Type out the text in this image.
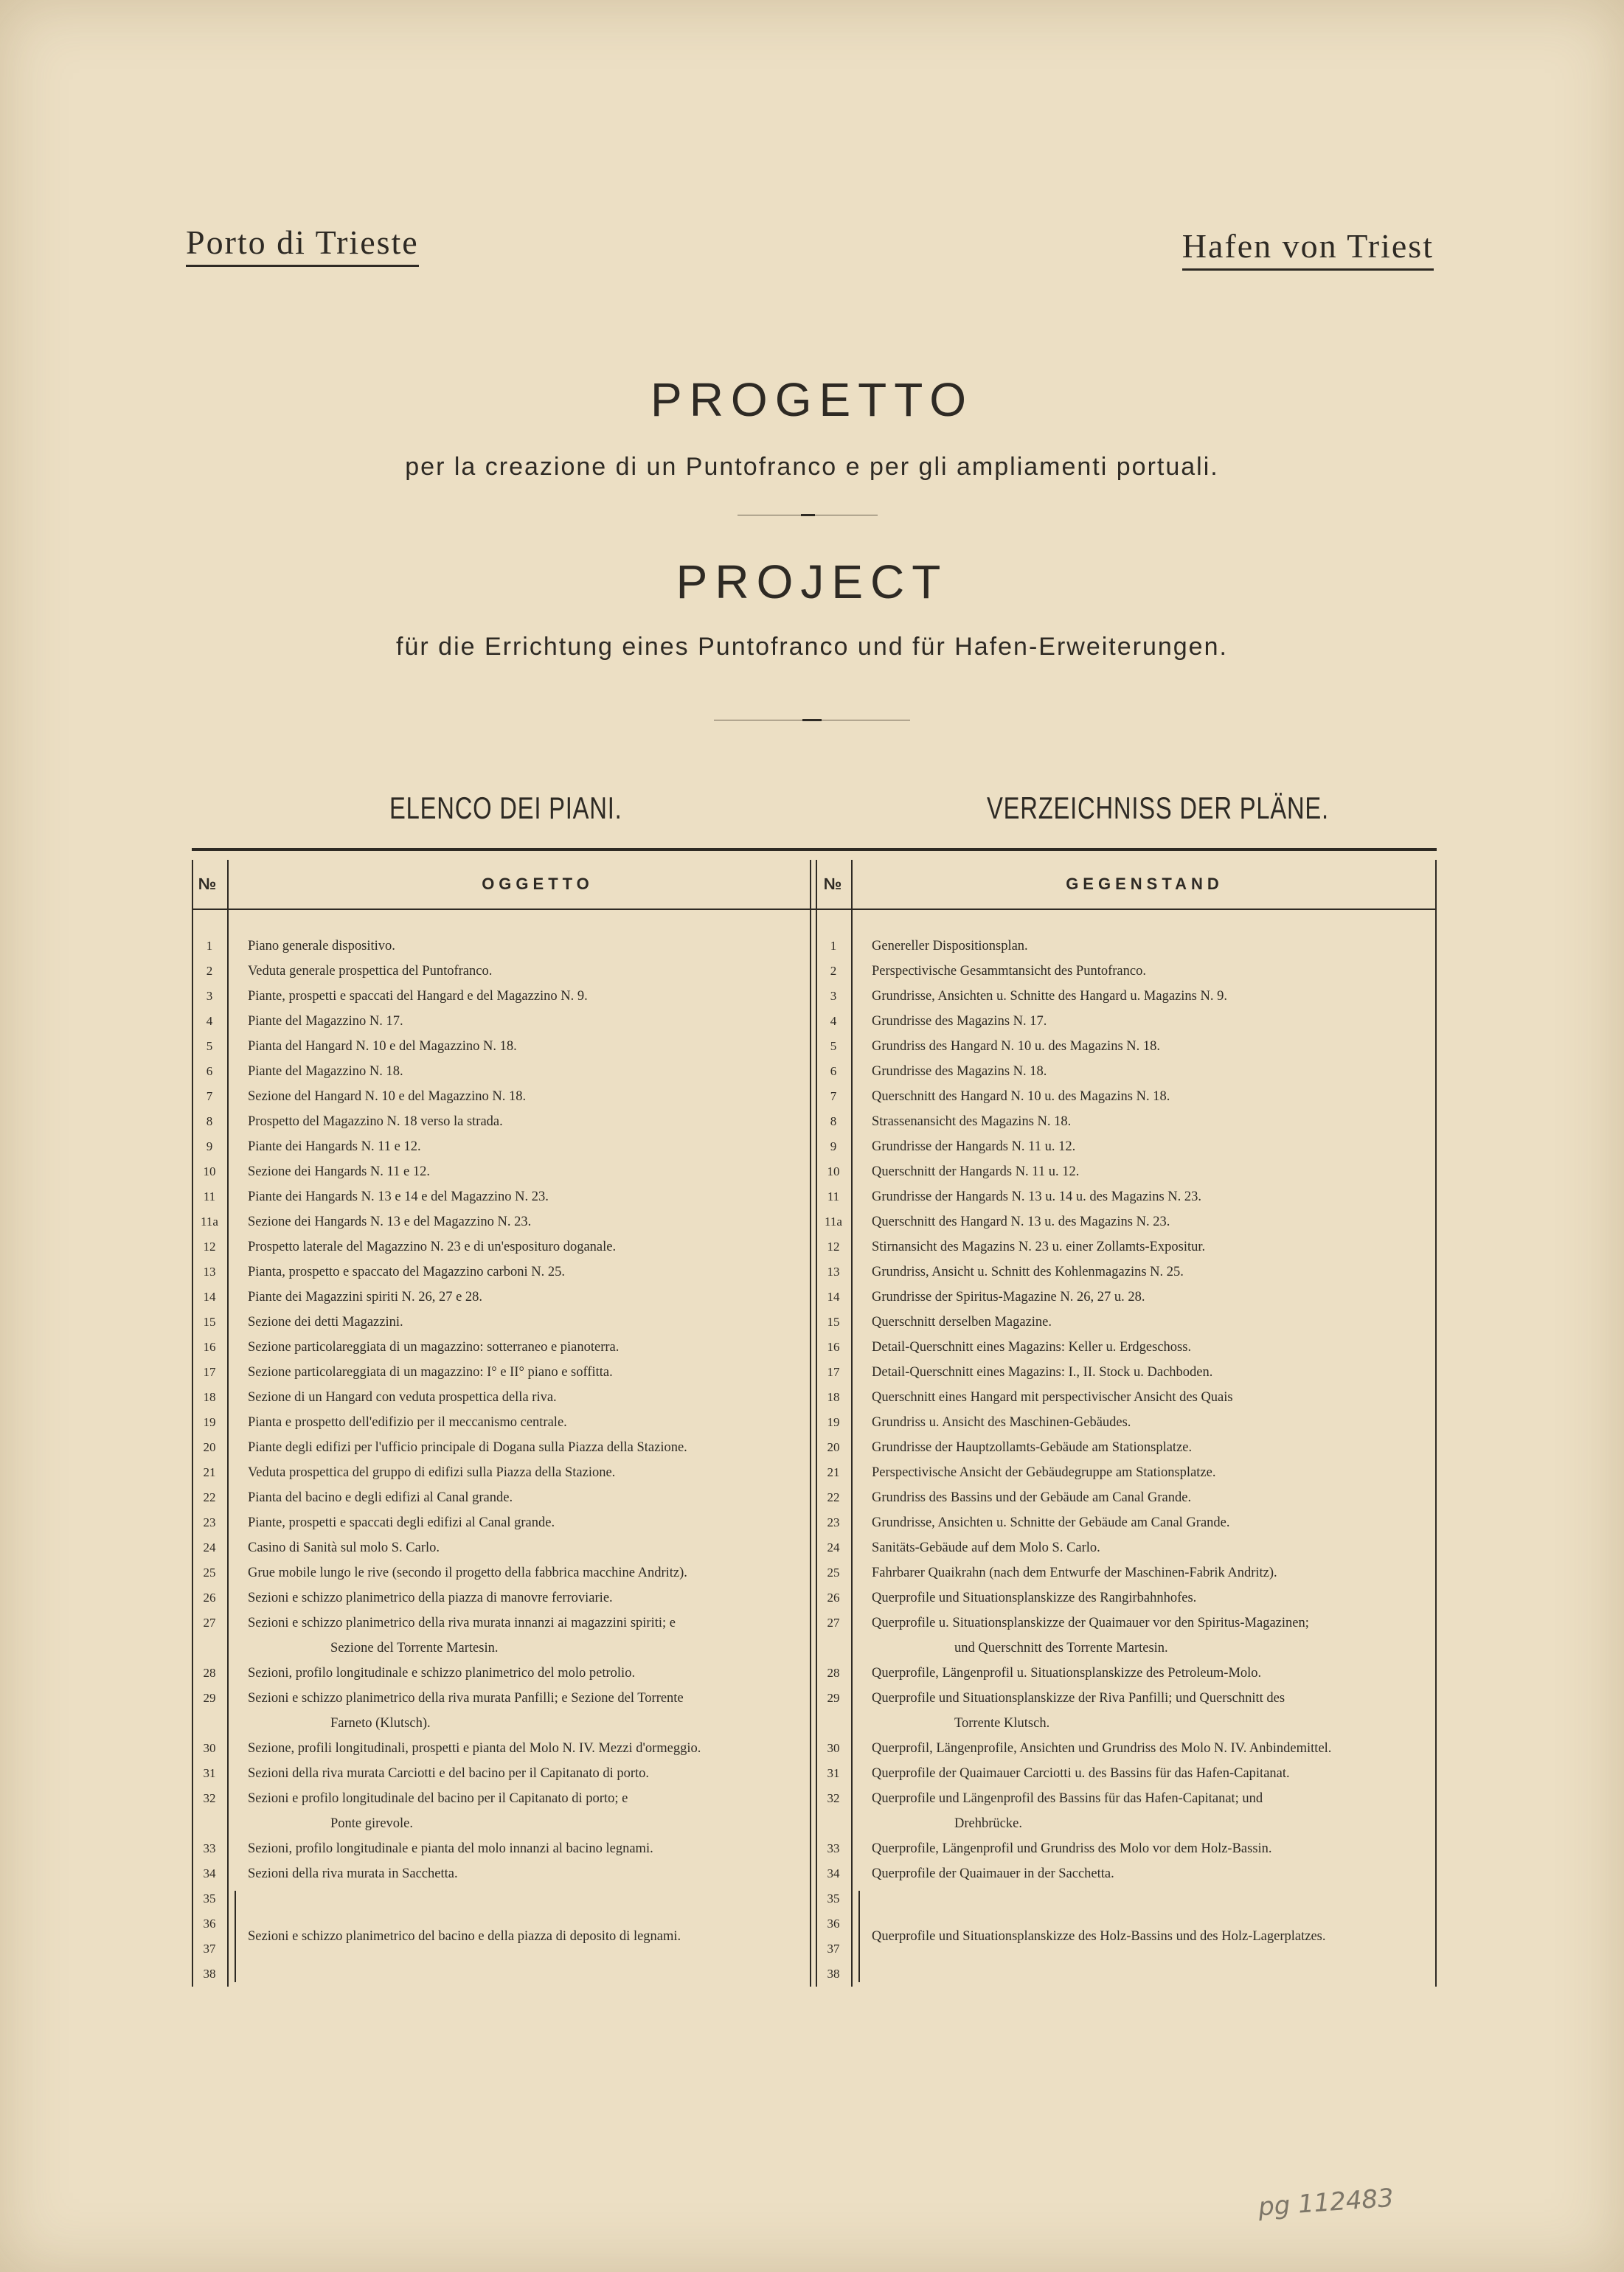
Porto di Trieste	Hafen von Triest
PROGETTO
per la creazione di un Puntofranco e per gli ampliamenti portuali.
PROJECT
für die Errichtung eines Puntofranco und für Hafen-Erweiterungen.
ELENCO DEI PIANI.	VERZEICHNISS DER PLÄNE.
№	OGGETTO	№	GEGENSTAND
1	Piano generale dispositivo.	1	Genereller Dispositionsplan.
2	Veduta generale prospettica del Puntofranco.	2	Perspectivische Gesammtansicht des Puntofranco.
3	Piante, prospetti e spaccati del Hangard e del Magazzino N. 9.	3	Grundrisse, Ansichten u. Schnitte des Hangard u. Magazins N. 9.
4	Piante del Magazzino N. 17.	4	Grundrisse des Magazins N. 17.
5	Pianta del Hangard N. 10 e del Magazzino N. 18.	5	Grundriss des Hangard N. 10 u. des Magazins N. 18.
6	Piante del Magazzino N. 18.	6	Grundrisse des Magazins N. 18.
7	Sezione del Hangard N. 10 e del Magazzino N. 18.	7	Querschnitt des Hangard N. 10 u. des Magazins N. 18.
8	Prospetto del Magazzino N. 18 verso la strada.	8	Strassenansicht des Magazins N. 18.
9	Piante dei Hangards N. 11 e 12.	9	Grundrisse der Hangards N. 11 u. 12.
10	Sezione dei Hangards N. 11 e 12.	10	Querschnitt der Hangards N. 11 u. 12.
11	Piante dei Hangards N. 13 e 14 e del Magazzino N. 23.	11	Grundrisse der Hangards N. 13 u. 14 u. des Magazins N. 23.
11a	Sezione dei Hangards N. 13 e del Magazzino N. 23.	11a	Querschnitt des Hangard N. 13 u. des Magazins N. 23.
12	Prospetto laterale del Magazzino N. 23 e di un'esposituro doganale.	12	Stirnansicht des Magazins N. 23 u. einer Zollamts-Expositur.
13	Pianta, prospetto e spaccato del Magazzino carboni N. 25.	13	Grundriss, Ansicht u. Schnitt des Kohlenmagazins N. 25.
14	Piante dei Magazzini spiriti N. 26, 27 e 28.	14	Grundrisse der Spiritus-Magazine N. 26, 27 u. 28.
15	Sezione dei detti Magazzini.	15	Querschnitt derselben Magazine.
16	Sezione particolareggiata di un magazzino: sotterraneo e pianoterra.	16	Detail-Querschnitt eines Magazins: Keller u. Erdgeschoss.
17	Sezione particolareggiata di un magazzino: I° e II° piano e soffitta.	17	Detail-Querschnitt eines Magazins: I., II. Stock u. Dachboden.
18	Sezione di un Hangard con veduta prospettica della riva.	18	Querschnitt eines Hangard mit perspectivischer Ansicht des Quais
19	Pianta e prospetto dell'edifizio per il meccanismo centrale.	19	Grundriss u. Ansicht des Maschinen-Gebäudes.
20	Piante degli edifizi per l'ufficio principale di Dogana sulla Piazza della Stazione.	20	Grundrisse der Hauptzollamts-Gebäude am Stationsplatze.
21	Veduta prospettica del gruppo di edifizi sulla Piazza della Stazione.	21	Perspectivische Ansicht der Gebäudegruppe am Stationsplatze.
22	Pianta del bacino e degli edifizi al Canal grande.	22	Grundriss des Bassins und der Gebäude am Canal Grande.
23	Piante, prospetti e spaccati degli edifizi al Canal grande.	23	Grundrisse, Ansichten u. Schnitte der Gebäude am Canal Grande.
24	Casino di Sanità sul molo S. Carlo.	24	Sanitäts-Gebäude auf dem Molo S. Carlo.
25	Grue mobile lungo le rive (secondo il progetto della fabbrica macchine Andritz).	25	Fahrbarer Quaikrahn (nach dem Entwurfe der Maschinen-Fabrik Andritz).
26	Sezioni e schizzo planimetrico della piazza di manovre ferroviarie.	26	Querprofile und Situationsplanskizze des Rangirbahnhofes.
27	Sezioni e schizzo planimetrico della riva murata innanzi ai magazzini spiriti; e	27	Querprofile u. Situationsplanskizze der Quaimauer vor den Spiritus-Magazinen;
Sezione del Torrente Martesin.	und Querschnitt des Torrente Martesin.
28	Sezioni, profilo longitudinale e schizzo planimetrico del molo petrolio.	28	Querprofile, Längenprofil u. Situationsplanskizze des Petroleum-Molo.
29	Sezioni e schizzo planimetrico della riva murata Panfilli; e Sezione del Torrente	29	Querprofile und Situationsplanskizze der Riva Panfilli; und Querschnitt des
Farneto (Klutsch).	Torrente Klutsch.
30	Sezione, profili longitudinali, prospetti e pianta del Molo N. IV. Mezzi d'ormeggio.	30	Querprofil, Längenprofile, Ansichten und Grundriss des Molo N. IV. Anbindemittel.
31	Sezioni della riva murata Carciotti e del bacino per il Capitanato di porto.	31	Querprofile der Quaimauer Carciotti u. des Bassins für das Hafen-Capitanat.
32	Sezioni e profilo longitudinale del bacino per il Capitanato di porto; e	32	Querprofile und Längenprofil des Bassins für das Hafen-Capitanat; und
Ponte girevole.	Drehbrücke.
33	Sezioni, profilo longitudinale e pianta del molo innanzi al bacino legnami.	33	Querprofile, Längenprofil und Grundriss des Molo vor dem Holz-Bassin.
34	Sezioni della riva murata in Sacchetta.	34	Querprofile der Quaimauer in der Sacchetta.
35	35
36	36
37	37
38	38
Sezioni e schizzo planimetrico del bacino e della piazza di deposito di legnami.	Querprofile und Situationsplanskizze des Holz-Bassins und des Holz-Lagerplatzes.
pg 112483
